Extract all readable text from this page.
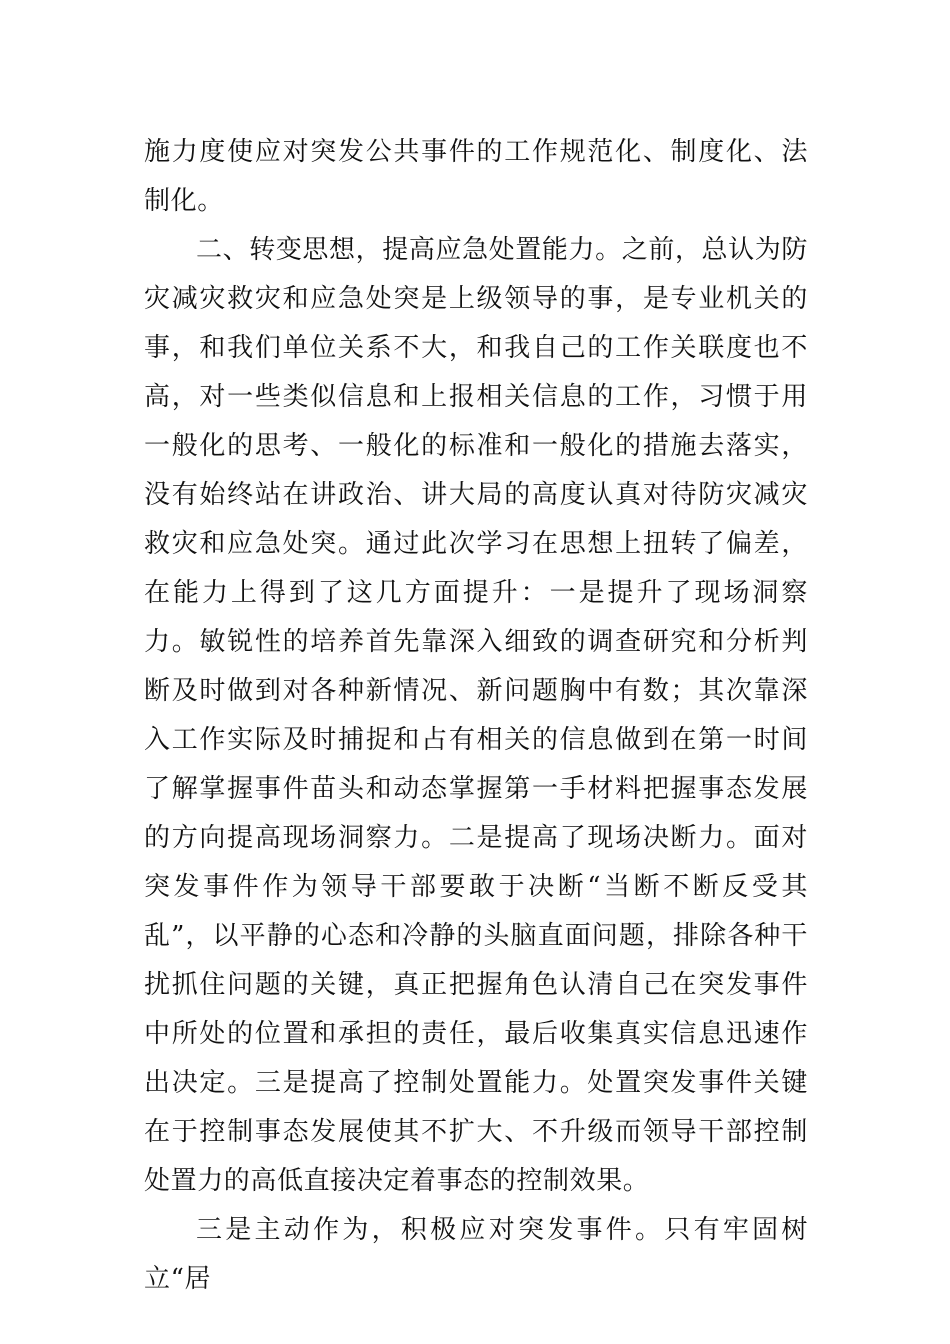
施力度使应对突发公共事件的工作规范化、制度化、法制化。

二、转变思想，提高应急处置能力。之前，总认为防灾减灾救灾和应急处突是上级领导的事，是专业机关的事，和我们单位关系不大，和我自己的工作关联度也不高，对一些类似信息和上报相关信息的工作，习惯于用一般化的思考、一般化的标准和一般化的措施去落实，没有始终站在讲政治、讲大局的高度认真对待防灾减灾救灾和应急处突。通过此次学习在思想上扭转了偏差，在能力上得到了这几方面提升：一是提升了现场洞察力。敏锐性的培养首先靠深入细致的调查研究和分析判断及时做到对各种新情况、新问题胸中有数；其次靠深入工作实际及时捕捉和占有相关的信息做到在第一时间了解掌握事件苗头和动态掌握第一手材料把握事态发展的方向提高现场洞察力。二是提高了现场决断力。面对突发事件作为领导干部要敢于决断“当断不断反受其乱”，以平静的心态和冷静的头脑直面问题，排除各种干扰抓住问题的关键，真正把握角色认清自己在突发事件中所处的位置和承担的责任，最后收集真实信息迅速作出决定。三是提高了控制处置能力。处置突发事件关键在于控制事态发展使其不扩大、不升级而领导干部控制处置力的高低直接决定着事态的控制效果。

三是主动作为，积极应对突发事件。只有牢固树立“居
